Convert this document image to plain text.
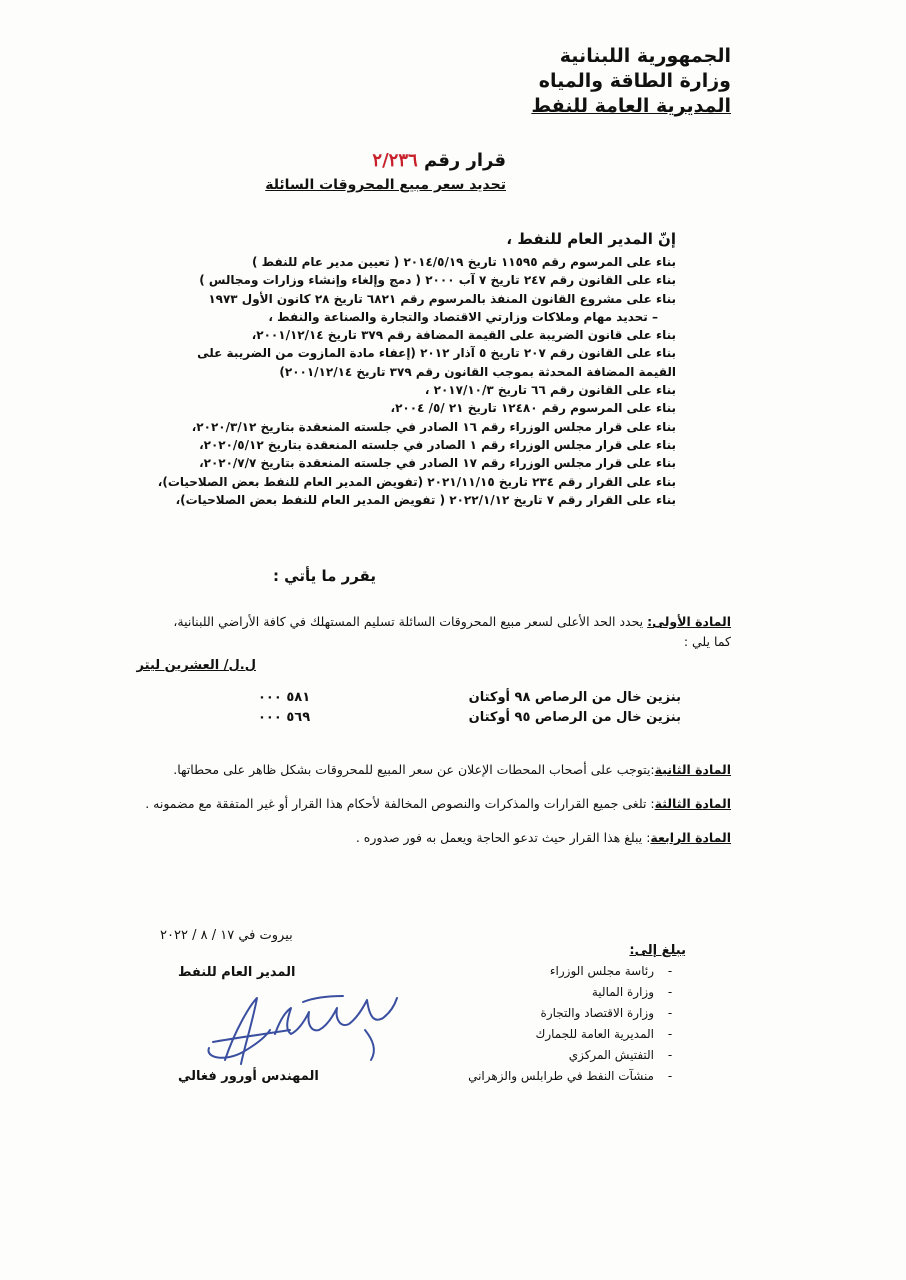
الجمهورية اللبنانية
وزارة الطاقة والمياه
المديرية العامة للنفط
قرار رقم ٢/٢٣٦
تحديد سعر مبيع المحروقات السائلة
إنّ المدير العام للنفط ،
بناء على المرسوم رقم ١١٥٩٥ تاريخ ٢٠١٤/٥/١٩ ( تعيين مدير عام للنفط )
بناء على القانون رقم ٢٤٧ تاريخ ٧ آب ٢٠٠٠ ( دمج وإلغاء وإنشاء وزارات ومجالس )
بناء على مشروع القانون المنفذ بالمرسوم رقم ٦٨٢١ تاريخ ٢٨ كانون الأول ١٩٧٣
– تحديد مهام وملاكات وزارتي الاقتصاد والتجارة والصناعة والنفط ،
بناء على قانون الضريبة على القيمة المضافة رقم ٣٧٩ تاريخ ٢٠٠١/١٢/١٤،
بناء على القانون رقم ٢٠٧ تاريخ ٥ آذار ٢٠١٢ (إعفاء مادة المازوت من الضريبة على
القيمة المضافة المحدثة بموجب القانون رقم ٣٧٩ تاريخ ٢٠٠١/١٢/١٤)
بناء على القانون رقم ٦٦ تاريخ ٢٠١٧/١٠/٣ ،
بناء على المرسوم رقم ١٢٤٨٠ تاريخ ٢١ /٥/ ٢٠٠٤،
بناء على قرار مجلس الوزراء رقم ١٦ الصادر في جلسته المنعقدة بتاريخ ٢٠٢٠/٣/١٢،
بناء على قرار مجلس الوزراء رقم ١ الصادر في جلسته المنعقدة بتاريخ ٢٠٢٠/٥/١٢،
بناء على قرار مجلس الوزراء رقم ١٧ الصادر في جلسته المنعقدة بتاريخ ٢٠٢٠/٧/٧،
بناء على القرار رقم ٢٣٤ تاريخ ٢٠٢١/١١/١٥ (تفويض المدير العام للنفط بعض الصلاحيات)،
بناء على القرار رقم ٧ تاريخ ٢٠٢٢/١/١٢ ( تفويض المدير العام للنفط بعض الصلاحيات)،
يقرر ما يأتي :
المادة الأولى: يحدد الحد الأعلى لسعر مبيع المحروقات السائلة تسليم المستهلك في كافة الأراضي اللبنانية، كما يلي :
ل.ل/ العشرين ليتر
بنزين خال من الرصاص ٩٨ أوكتان
٥٨١ ٠٠٠
بنزين خال من الرصاص ٩٥ أوكتان
٥٦٩ ٠٠٠
المادة الثانية:يتوجب على أصحاب المحطات الإعلان عن سعر المبيع للمحروقات بشكل ظاهر على محطاتها.
المادة الثالثة: تلغى جميع القرارات والمذكرات والنصوص المخالفة لأحكام هذا القرار أو غير المتفقة مع مضمونه .
المادة الرابعة: يبلغ هذا القرار حيث تدعو الحاجة ويعمل به فور صدوره .
بيروت في ١٧ / ٨ / ٢٠٢٢
المدير العام للنفط
المهندس أورور فغالي
يبلغ إلى:
-رئاسة مجلس الوزراء
-وزارة المالية
-وزارة الاقتصاد والتجارة
-المديرية العامة للجمارك
-التفتيش المركزي
-منشآت النفط في طرابلس والزهراني
